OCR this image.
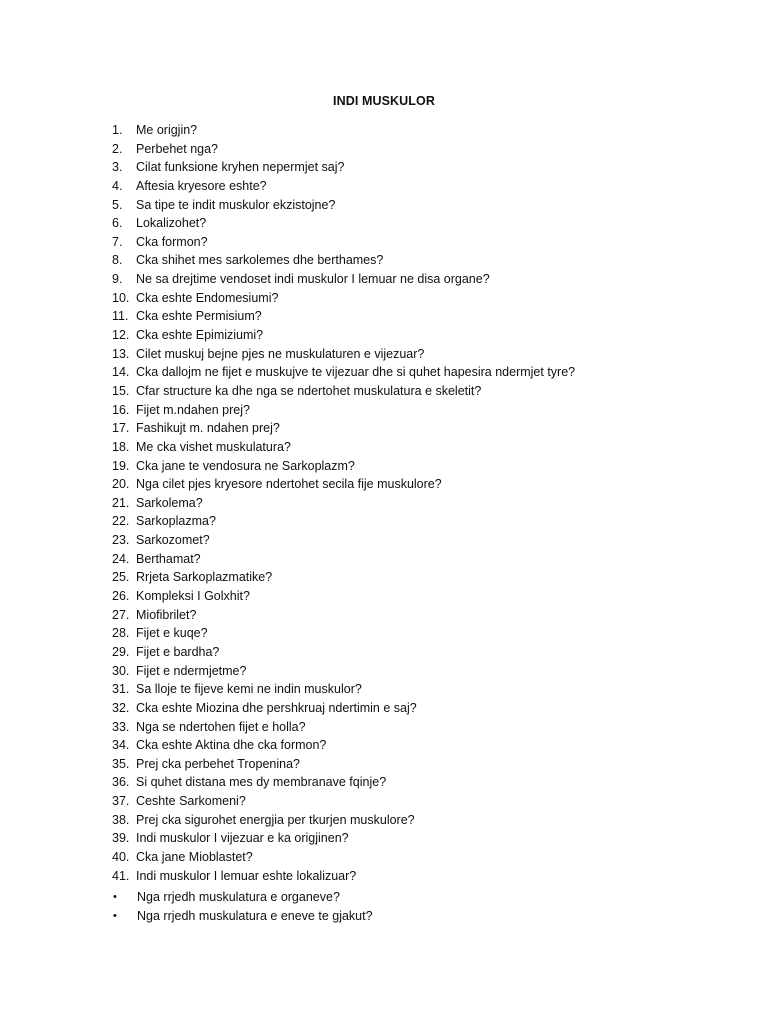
INDI MUSKULOR
1.	Me origjin?
2.	Perbehet nga?
3.	Cilat funksione kryhen nepermjet saj?
4.	Aftesia kryesore eshte?
5.	Sa tipe te indit muskulor ekzistojne?
6.	Lokalizohet?
7.	Cka formon?
8.	Cka shihet mes sarkolemes dhe berthames?
9.	Ne sa drejtime vendoset indi muskulor I lemuar ne disa organe?
10. Cka eshte Endomesiumi?
11. Cka eshte Permisium?
12. Cka eshte Epimiziumi?
13. Cilet muskuj bejne pjes ne muskulaturen e vijezuar?
14. Cka dallojm ne fijet e muskujve te vijezuar dhe si quhet hapesira ndermjet tyre?
15. Cfar structure ka dhe nga se ndertohet muskulatura e skeletit?
16. Fijet m.ndahen prej?
17. Fashikujt m. ndahen prej?
18. Me cka vishet muskulatura?
19. Cka jane te vendosura ne Sarkoplazm?
20. Nga cilet pjes kryesore ndertohet secila fije muskulore?
21. Sarkolema?
22. Sarkoplazma?
23. Sarkozomet?
24. Berthamat?
25. Rrjeta Sarkoplazmatike?
26. Kompleksi I Golxhit?
27. Miofibrilet?
28. Fijet e kuqe?
29. Fijet e bardha?
30. Fijet e ndermjetme?
31. Sa lloje te fijeve kemi ne indin muskulor?
32. Cka eshte Miozina dhe pershkruaj ndertimin e saj?
33. Nga se ndertohen fijet e holla?
34. Cka eshte Aktina dhe cka formon?
35. Prej cka perbehet Tropenina?
36. Si quhet distana mes dy membranave fqinje?
37. Ceshte Sarkomeni?
38. Prej cka sigurohet energjia per tkurjen muskulore?
39. Indi muskulor I vijezuar e ka origjinen?
40. Cka jane Mioblastet?
41. Indi muskulor I lemuar eshte lokalizuar?
•	Nga rrjedh muskulatura e organeve?
•	Nga rrjedh muskulatura e eneve te gjakut?
